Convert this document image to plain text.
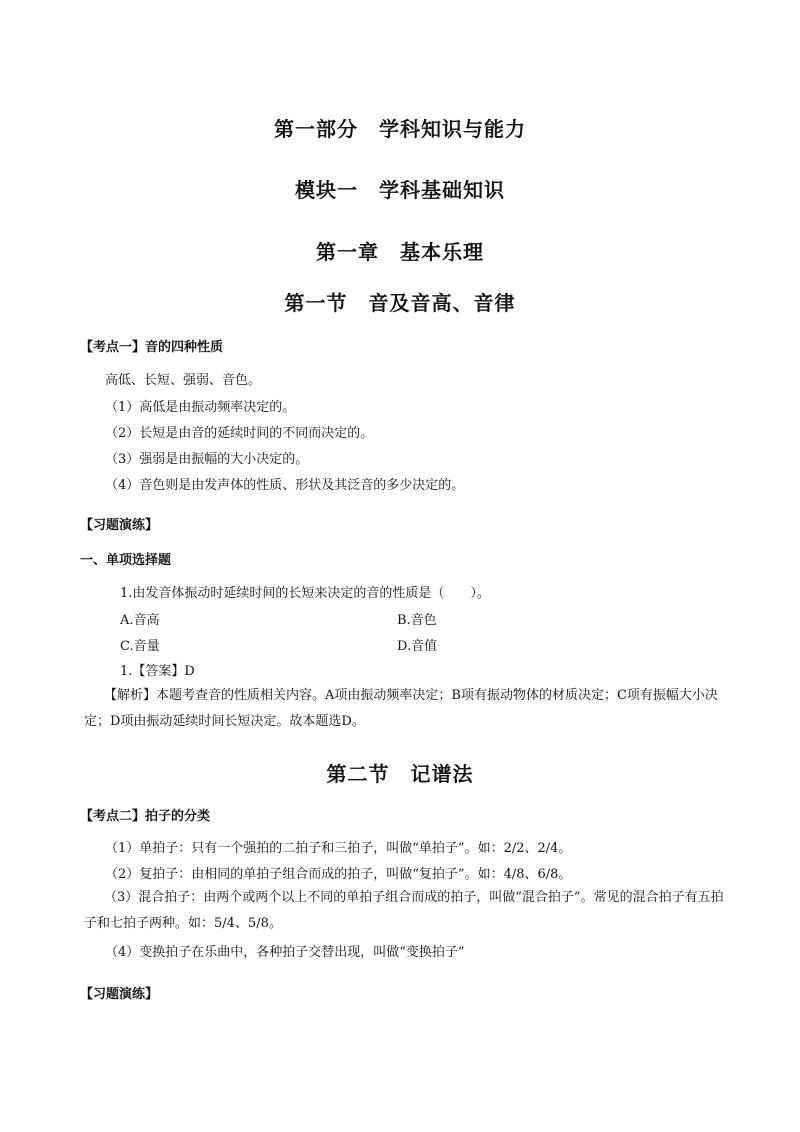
第一部分　学科知识与能力
模块一　学科基础知识
第一章　基本乐理
第一节　音及音高、音律
【考点一】音的四种性质
高低、长短、强弱、音色。
（1）高低是由振动频率决定的。
（2）长短是由音的延续时间的不同而决定的。
（3）强弱是由振幅的大小决定的。
（4）音色则是由发声体的性质、形状及其泛音的多少决定的。
【习题演练】
一、单项选择题
1.由发音体振动时延续时间的长短来决定的音的性质是（　　）。
A.音高	B.音色
C.音量	D.音值
1.【答案】D
【解析】本题考查音的性质相关内容。A项由振动频率决定；B项有振动物体的材质决定；C项有振幅大小决定；D项由振动延续时间长短决定。故本题选D。
第二节　记谱法
【考点二】拍子的分类
（1）单拍子：只有一个强拍的二拍子和三拍子，叫做“单拍子”。如：2/2、2/4。
（2）复拍子：由相同的单拍子组合而成的拍子，叫做“复拍子”。如：4/8、6/8。
（3）混合拍子：由两个或两个以上不同的单拍子组合而成的拍子，叫做“混合拍子”。常见的混合拍子有五拍子和七拍子两种。如：5/4、5/8。
（4）变换拍子在乐曲中，各种拍子交替出现，叫做“变换拍子”
【习题演练】
